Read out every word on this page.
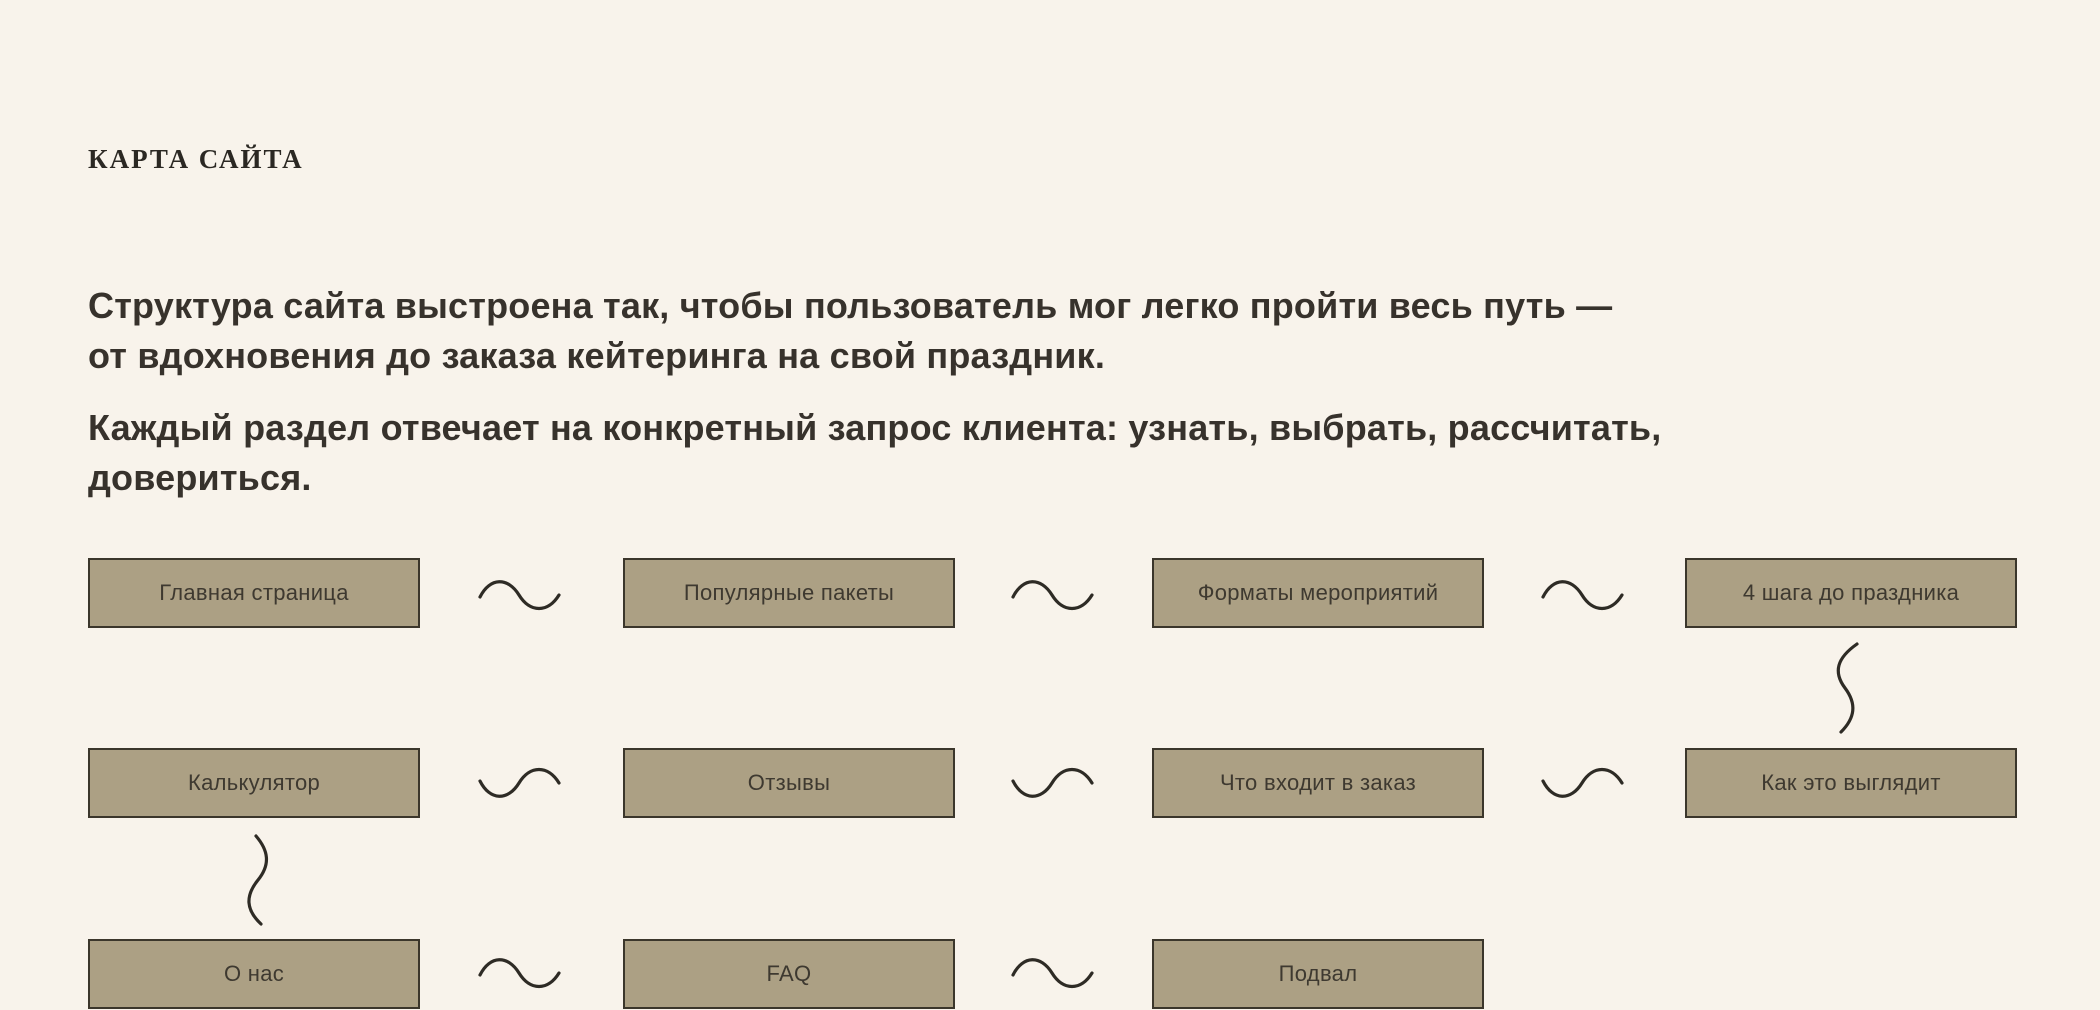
КАРТА САЙТА

Структура сайта выстроена так, чтобы пользователь мог легко пройти весь путь —
от вдохновения до заказа кейтеринга на свой праздник.

Каждый раздел отвечает на конкретный запрос клиента: узнать, выбрать, рассчитать,
довериться.

Главная страница	Популярные пакеты	Форматы мероприятий	4 шага до праздника
Калькулятор	Отзывы	Что входит в заказ	Как это выглядит
О нас	FAQ	Подвал
